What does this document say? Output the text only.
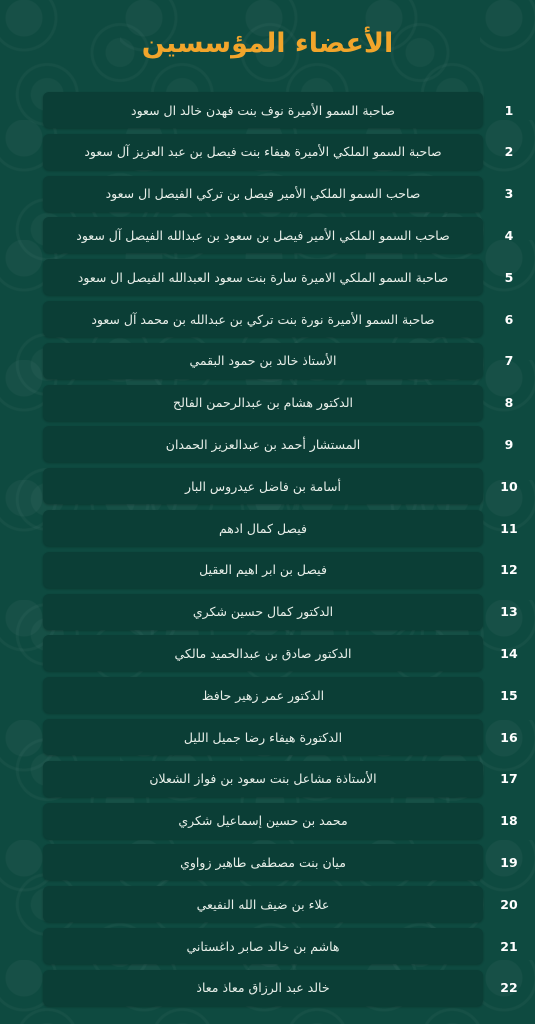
الأعضاء المؤسسين
صاحبة السمو الأميرة نوف بنت فهدن خالد ال سعود	1
صاحبة السمو الملكي الأميرة هيفاء بنت فيصل بن عبد العزيز آل سعود	2
صاحب السمو الملكي الأمير فيصل بن تركي الفيصل ال سعود	3
صاحب السمو الملكي الأمير فيصل بن سعود بن عبدالله الفيصل آل سعود	4
صاحبة السمو الملكي الاميرة سارة بنت سعود العبدالله الفيصل ال سعود	5
صاحبة السمو الأميرة نورة بنت تركي بن عبدالله بن محمد آل سعود	6
الأستاذ خالد بن حمود البقمي	7
الدكتور هشام بن عبدالرحمن الفالح	8
المستشار أحمد بن عبدالعزيز الحمدان	9
أسامة بن فاضل عيدروس البار	10
فيصل كمال ادهم	11
فيصل بن ابر اهيم العقيل	12
الدكتور كمال حسين شكري	13
الدكتور صادق بن عبدالحميد مالكي	14
الدكتور عمر زهير حافظ	15
الدكتورة هيفاء رضا جميل الليل	16
الأستاذة مشاعل بنت سعود بن فواز الشعلان	17
محمد بن حسين إسماعيل شكري	18
ميان بنت مصطفى طاهير زواوي	19
علاء بن ضيف الله النفيعي	20
هاشم بن خالد صابر داغستاني	21
خالد عبد الرزاق معاذ معاذ	22
